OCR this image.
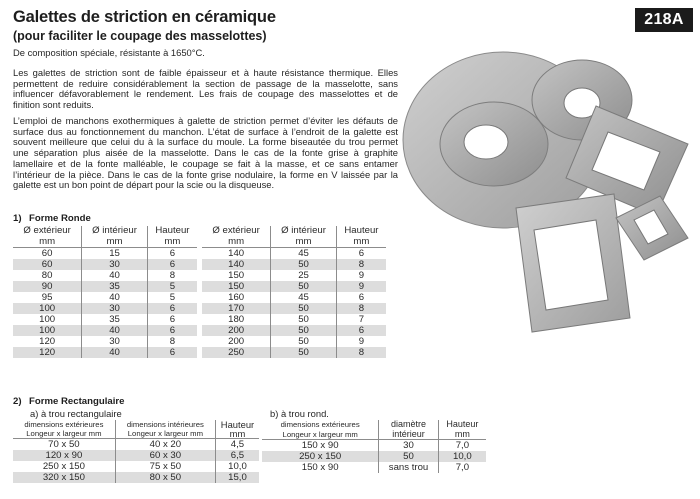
Galettes de striction en céramique
(pour faciliter le coupage des masselottes)
218A

De composition spéciale, résistante à 1650°C.

Les galettes de striction sont de faible épaisseur et à haute résistance thermique. Elles permettent de reduire considérablement la section de passage de la masselotte, sans influencer défavorablement le rendement. Les frais de coupage des masselottes et de finition sont reduits.

L’emploi de manchons exothermiques à galette de striction permet d’éviter les défauts de surface dus au fonctionnement du manchon. L’état de surface à l’endroit de la galette est souvent meilleure que celui du à la surface du moule. La forme biseautée du trou permet une séparation plus aisée de la masselotte. Dans le cas de la fonte grise à graphite lamellaire et de la fonte malléable, le coupage se fait à la masse, et ce sans entamer l’intérieur de la pièce. Dans le cas de la fonte grise nodulaire, la forme en V laissée par la galette est un bon point de départ pour la scie ou la disqueuse.

1) Forme Ronde
Ø extérieur	Ø intérieur	Hauteur
mm	mm	mm
60	15	6
60	30	6
80	40	8
90	35	5
95	40	5
100	30	6
100	35	6
100	40	6
120	30	8
120	40	6
Ø extérieur	Ø intérieur	Hauteur
mm	mm	mm
140	45	6
140	50	8
150	25	9
150	50	9
160	45	6
170	50	8
180	50	7
200	50	6
200	50	9
250	50	8
2) Forme Rectangulaire
a) à trou rectangulaire	b) à trou rond.
dimensions extérieures	dimensions intérieures	Hauteur
Longeur x largeur mm	Longeur x largeur mm	mm
70 x 50	40 x 20	4,5
120 x 90	60 x 30	6,5
250 x 150	75 x 50	10,0
320 x 150	80 x 50	15,0
dimensions extérieures	diamètre	Hauteur
Longeur x largeur mm	intérieur	mm
150 x 90	30	7,0
250 x 150	50	10,0
150 x 90	sans trou	7,0
